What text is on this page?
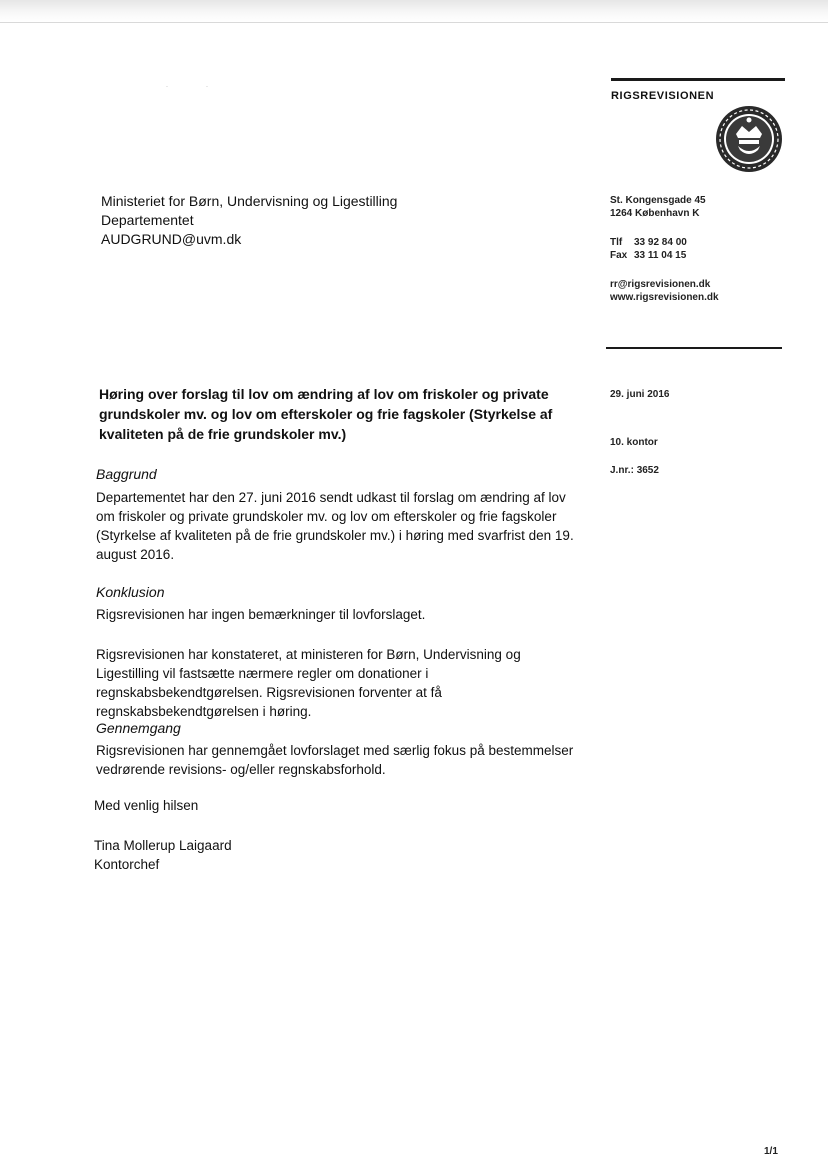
··
RIGSREVISIONEN
St. Kongensgade 45
1264 København K
Tlf 33 92 84 00
Fax 33 11 04 15
rr@rigsrevisionen.dk
www.rigsrevisionen.dk
Ministeriet for Børn, Undervisning og Ligestilling
Departementet
AUDGRUND@uvm.dk
29. juni 2016
10. kontor
J.nr.: 3652
Høring over forslag til lov om ændring af lov om friskoler og private grundskoler mv. og lov om efterskoler og frie fagskoler (Styrkelse af kvaliteten på de frie grundskoler mv.)
Baggrund
Departementet har den 27. juni 2016 sendt udkast til forslag om ændring af lov om friskoler og private grundskoler mv. og lov om efterskoler og frie fagskoler (Styrkelse af kvaliteten på de frie grundskoler mv.) i høring med svarfrist den 19. august 2016.
Konklusion
Rigsrevisionen har ingen bemærkninger til lovforslaget.
Rigsrevisionen har konstateret, at ministeren for Børn, Undervisning og Ligestilling vil fastsætte nærmere regler om donationer i regnskabsbekendtgørelsen. Rigsrevisionen forventer at få regnskabsbekendtgørelsen i høring.
Gennemgang
Rigsrevisionen har gennemgået lovforslaget med særlig fokus på bestemmelser vedrørende revisions- og/eller regnskabsforhold.
Med venlig hilsen
Tina Mollerup Laigaard
Kontorchef
1/1
